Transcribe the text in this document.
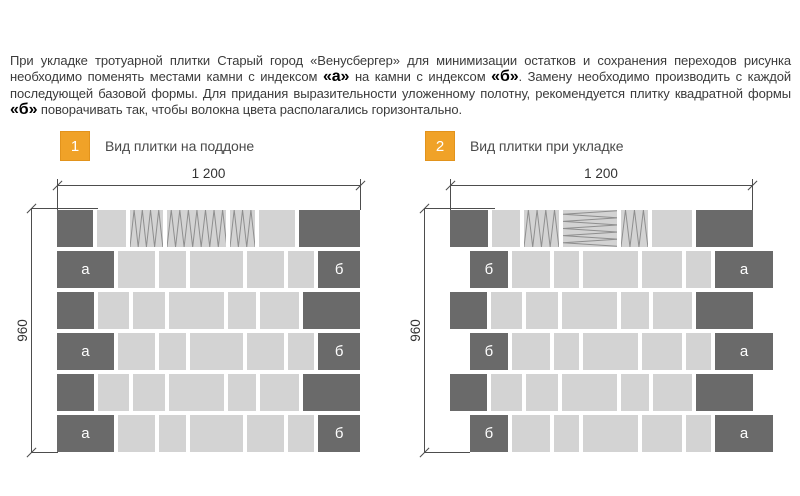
При укладке тротуарной плитки Старый город «Венусбергер» для минимизации остатков и сохранения переходов рисунка необходимо поменять местами камни с индексом «а» на камни с индексом «б». Замену необходимо производить с каждой последующей базовой формы. Для придания выразительности уложенному полотну, рекомендуется плитку квадратной формы «б» поворачивать так, чтобы волокна цвета располагались горизонтально.

1	Вид плитки на поддоне	2	Вид плитки при укладке
1 200
960
а	б
а	б
а	б
1 200
960
б	а
б	а
б	а
